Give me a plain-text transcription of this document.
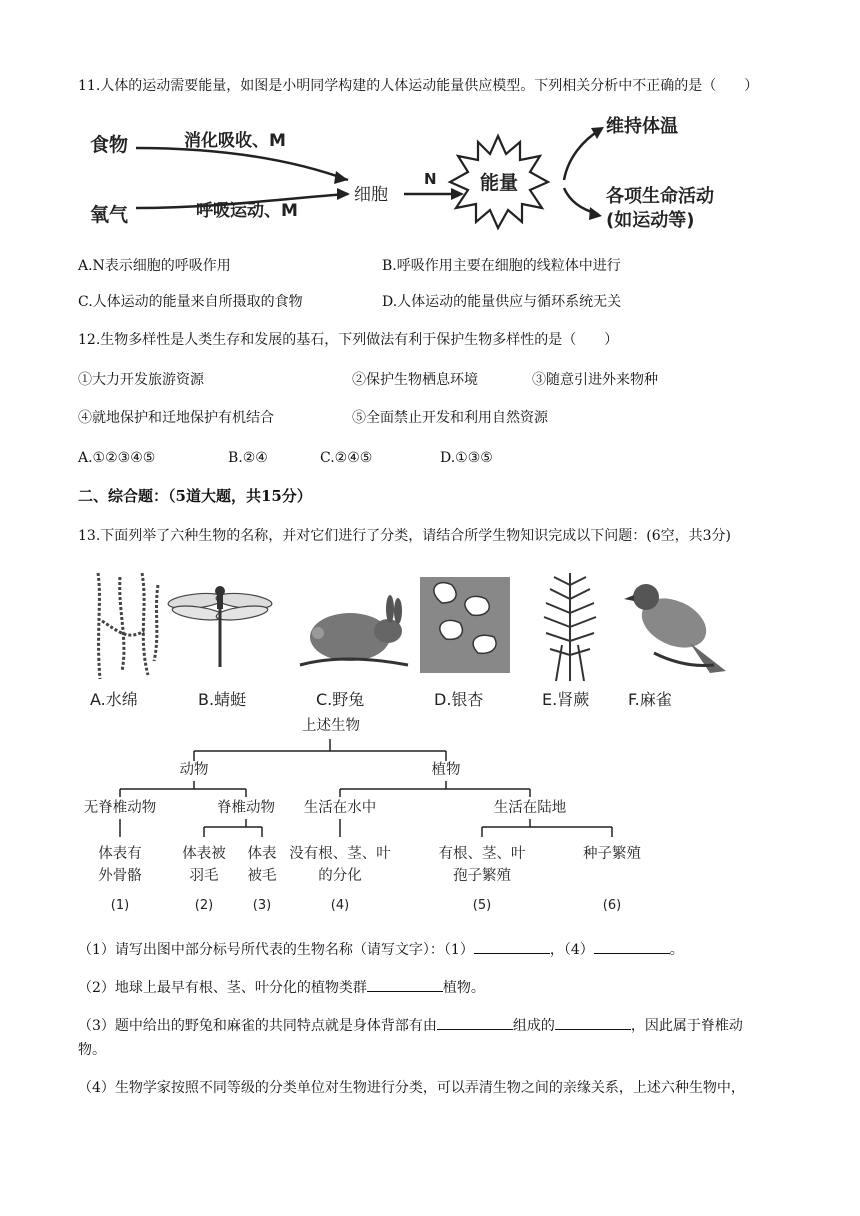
11.人体的运动需要能量，如图是小明同学构建的人体运动能量供应模型。下列相关分析中不正确的是（　　）
食物
氧气
消化吸收、M
呼吸运动、M
细胞
N 能量
维持体温
各项生命活动
(如运动等)
A.N表示细胞的呼吸作用	B.呼吸作用主要在细胞的线粒体中进行
C.人体运动的能量来自所摄取的食物	D.人体运动的能量供应与循环系统无关
12.生物多样性是人类生存和发展的基石，下列做法有利于保护生物多样性的是（　　）
①大力开发旅游资源	②保护生物栖息环境	③随意引进外来物种
④就地保护和迁地保护有机结合	⑤全面禁止开发和利用自然资源
A.①②③④⑤	B.②④	C.②④⑤	D.①③⑤
二、综合题：（5道大题，共15分）
13.下面列举了六种生物的名称，并对它们进行了分类，请结合所学生物知识完成以下问题：(6空，共3分)
A.水绵	B.蜻蜓	C.野兔	D.银杏	E.肾蕨 F.麻雀
上述生物
动物	植物
无脊椎动物	脊椎动物	生活在水中	生活在陆地
体表有
外骨骼
体表被
羽毛
体表
被毛
没有根、茎、叶
的分化
有根、茎、叶
孢子繁殖
种子繁殖
(1)	(2)	(3)	(4)	(5)	(6)
（1）请写出图中部分标号所代表的生物名称（请写文字）：（1）	，（4）	。
（2）地球上最早有根、茎、叶分化的植物类群	植物。
（3）题中给出的野兔和麻雀的共同特点就是身体背部有由	组成的	，因此属于脊椎动
物。
（4）生物学家按照不同等级的分类单位对生物进行分类，可以弄清生物之间的亲缘关系，上述六种生物中，
